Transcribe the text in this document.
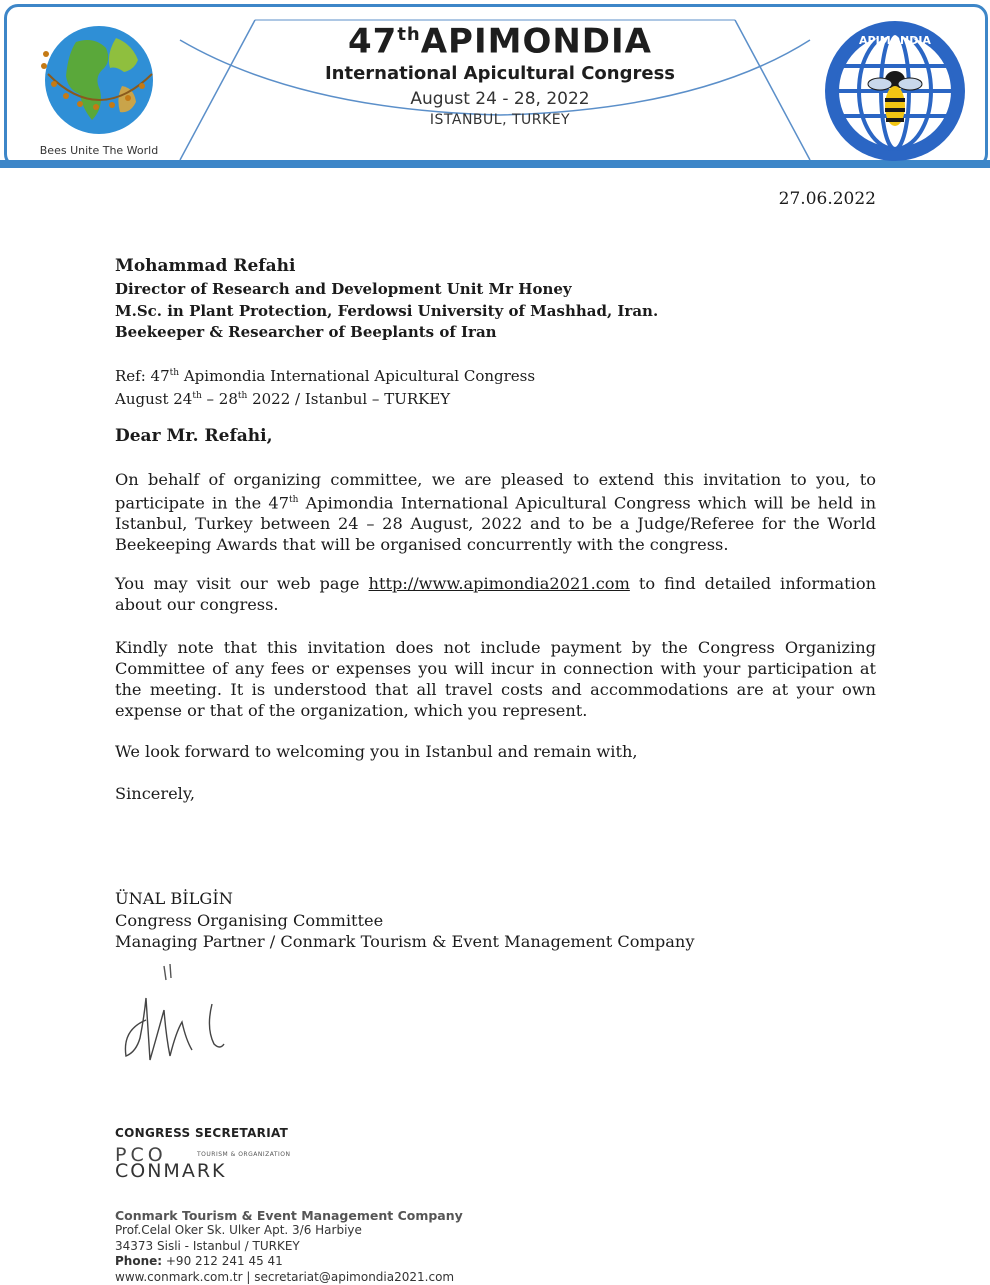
Bees Unite The World
47thAPIMONDIA
International Apicultural Congress
August 24 - 28, 2022
ISTANBUL, TURKEY
APIMONDIA
27.06.2022
Mohammad Refahi
Director of Research and Development Unit Mr Honey
M.Sc. in Plant Protection, Ferdowsi University of Mashhad, Iran.
Beekeeper & Researcher of Beeplants of Iran
Ref: 47th Apimondia International Apicultural Congress
August 24th – 28th 2022 / Istanbul – TURKEY
Dear Mr. Refahi,
On behalf of organizing committee, we are pleased to extend this invitation to you, to participate in the 47th Apimondia International Apicultural Congress which will be held in Istanbul, Turkey between 24 – 28 August, 2022 and to be a Judge/Referee for the World Beekeeping Awards that will be organised concurrently with the congress.
You may visit our web page http://www.apimondia2021.com to find detailed information about our congress.
Kindly note that this invitation does not include payment by the Congress Organizing Committee of any fees or expenses you will incur in connection with your participation at the meeting. It is understood that all travel costs and accommodations are at your own expense or that of the organization, which you represent.
We look forward to welcoming you in Istanbul and remain with,
Sincerely,
ÜNAL BİLGİN
Congress Organising Committee
Managing Partner / Conmark Tourism & Event Management Company
CONGRESS SECRETARIAT
PCO	TOURISM & ORGANIZATION
CONMARK
Conmark Tourism & Event Management Company
Prof.Celal Oker Sk. Ulker Apt. 3/6 Harbiye
34373 Sisli - Istanbul / TURKEY
Phone: +90 212 241 45 41
www.conmark.com.tr | secretariat@apimondia2021.com
